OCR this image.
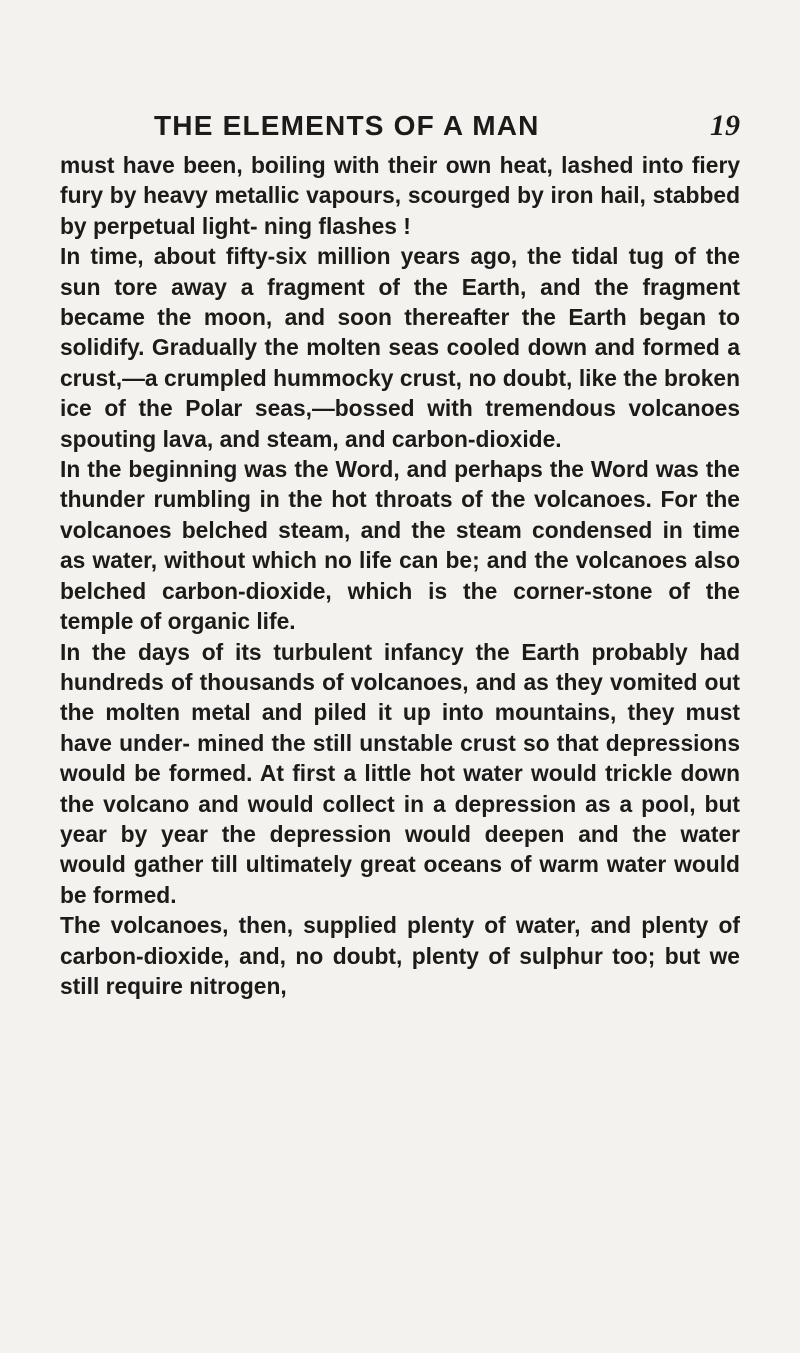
THE ELEMENTS OF A MAN	19

must have been, boiling with their own heat, lashed into fiery fury by heavy metallic vapours, scourged by iron hail, stabbed by perpetual light- ning flashes !

In time, about fifty-six million years ago, the tidal tug of the sun tore away a fragment of the Earth, and the fragment became the moon, and soon thereafter the Earth began to solidify. Gradually the molten seas cooled down and formed a crust,—a crumpled hummocky crust, no doubt, like the broken ice of the Polar seas,—bossed with tremendous volcanoes spouting lava, and steam, and carbon-dioxide.

In the beginning was the Word, and perhaps the Word was the thunder rumbling in the hot throats of the volcanoes. For the volcanoes belched steam, and the steam condensed in time as water, without which no life can be; and the volcanoes also belched carbon-dioxide, which is the corner-stone of the temple of organic life.

In the days of its turbulent infancy the Earth probably had hundreds of thousands of volcanoes, and as they vomited out the molten metal and piled it up into mountains, they must have under- mined the still unstable crust so that depressions would be formed. At first a little hot water would trickle down the volcano and would collect in a depression as a pool, but year by year the depression would deepen and the water would gather till ultimately great oceans of warm water would be formed.

The volcanoes, then, supplied plenty of water, and plenty of carbon-dioxide, and, no doubt, plenty of sulphur too; but we still require nitrogen,
